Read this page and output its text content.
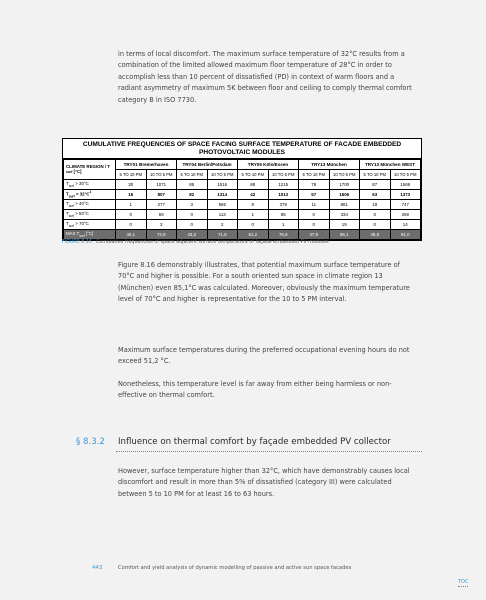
in terms of local discomfort. The maximum surface temperature of 32°C results from a combination of the limited allowed maximum floor temperature of 28°C in order to accomplish less than 10 percent of dissatisfied (PD) in context of warm floors and a radiant asymmetry of maximum 5K between floor and ceiling to comply thermal comfort category B in ISO 7730.
CUMULATIVE FREQUENCIES OF SPACE FACING SURFACE TEMPERATURE OF FACADE EMBEDDED
PHOTOVOLTAIC MODULES
CLIMATE REGION / T
surf [°C]	TRY01 Bremerhaven		TRY04 Berlin/Potsdam		TRY05 Köln/Essen		TRY13 München		TRY13 München WEST	
	5 TO 10 PM	10 TO 5 PM	5 TO 10 PM	10 TO 5 PM	5 TO 10 PM	10 TO 5 PM	5 TO 10 PM	10 TO 5 PM	5 TO 10 PM	10 TO 5 PM
$T_{surf} > 30^\circ C$	30	1071	85	1516	88	1215	78	1700	87	1569
$T_{surf} > 32^\circ C^1$	16	807	82	1314	42	1013	57	1506	63	1373
$T_{surf} > 40^\circ C$	1	277	3	565	8	379	11	861	18	747
$T_{surf} > 50^\circ C$	0	69	0	113	1	85	0	334	0	269
$T_{surf} > 70^\circ C$	0	3	0	2	0	1	0	19	0	14
MAX $T_{surf}$ [°C]	40,1	72,8	43,2	71,5	51,2	76,8	47,9	85,1	48,8	81,0
FIGURE 8.16 Cumulative frequencies of space adjacent surface temperature of façade embedded PV modules
Figure 8.16 demonstrably illustrates, that potential maximum surface temperature of 70°C and higher is possible. For a south oriented sun space in climate region 13 (München) even 85,1°C was calculated. Moreover, obviously the maximum temperature level of 70°C and higher is representative for the 10 to 5 PM interval.
Maximum surface temperatures during the preferred occupational evening hours do not exceed 51,2 °C.
Nonetheless, this temperature level is far away from either being harmless or non-effective on thermal comfort.
§ 8.3.2 Influence on thermal comfort by façade embedded PV collector
However, surface temperature higher than 32°C, which have demonstrably causes local discomfort and result in more than 5% of dissatisfied (category III) were calculated between 5 to 10 PM for at least 16 to 63 hours.
443	Comfort and yield analysis of dynamic modelling of passive and active sun space facades
TOC
